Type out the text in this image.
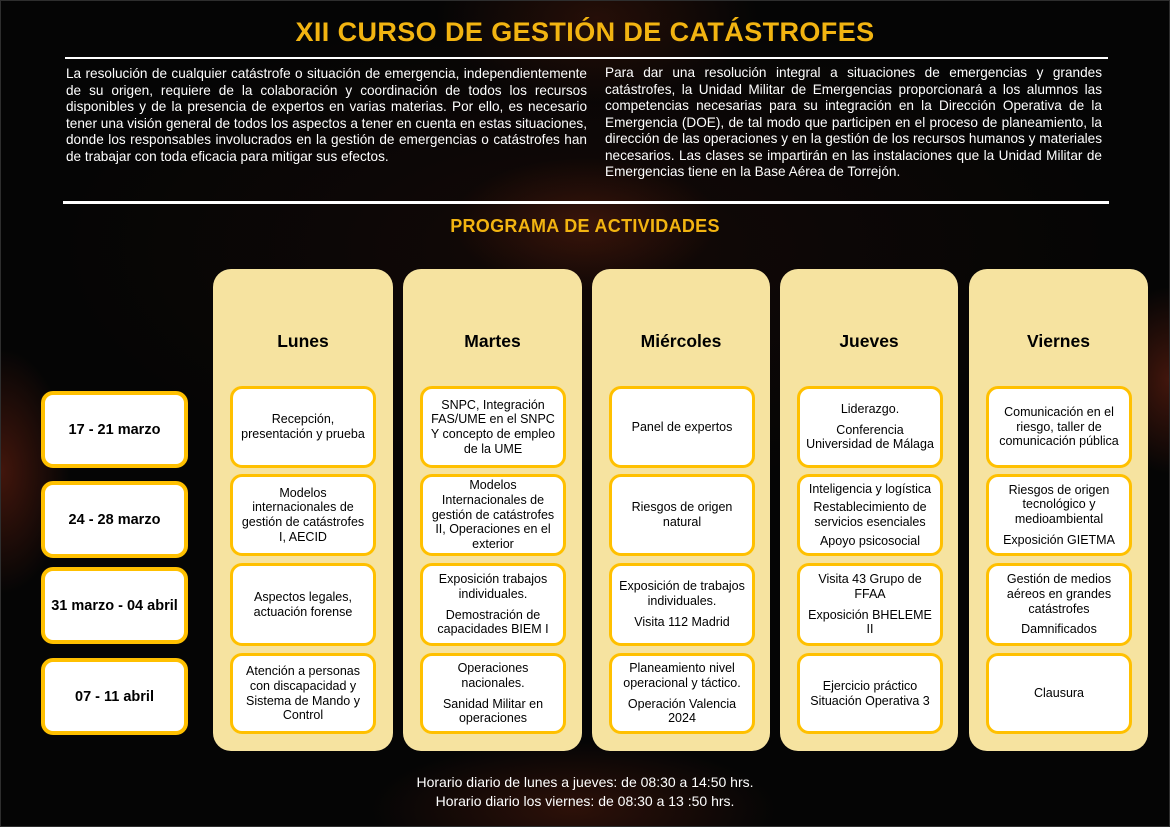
XII CURSO DE GESTIÓN DE CATÁSTROFES
La resolución de cualquier catástrofe o situación de emergencia, independientemente de su origen, requiere de la colaboración y coordinación de todos los recursos disponibles y de la presencia de expertos en varias materias. Por ello, es necesario tener una visión general de todos los aspectos a tener en cuenta en estas situaciones, donde los responsables involucrados en la gestión de emergencias o catástrofes han de trabajar con toda eficacia para mitigar sus efectos.
Para dar una resolución integral a situaciones de emergencias y grandes catástrofes, la Unidad Militar de Emergencias proporcionará a los alumnos las competencias necesarias para su integración en la Dirección Operativa de la Emergencia (DOE), de tal modo que participen en el proceso de planeamiento, la dirección de las operaciones y en la gestión de los recursos humanos y materiales necesarios. Las clases se impartirán en las instalaciones que la Unidad Militar de Emergencias tiene en la Base Aérea de Torrejón.
PROGRAMA DE ACTIVIDADES
17 - 21 marzo
24 - 28 marzo
31 marzo - 04 abril
07 - 11 abril
Lunes
Recepción, presentación y prueba
Modelos internacionales de gestión de catástrofes I, AECID
Aspectos legales, actuación forense
Atención a personas con discapacidad y Sistema de Mando y Control
Martes
SNPC, Integración FAS/UME en el SNPC Y concepto de empleo de la UME
Modelos Internacionales de gestión de catástrofes II, Operaciones en el exterior
Exposición trabajos individuales.
Demostración de capacidades BIEM I
Operaciones nacionales.
Sanidad Militar en operaciones
Miércoles
Panel de expertos
Riesgos de origen natural
Exposición de trabajos individuales.
Visita 112 Madrid
Planeamiento nivel operacional y táctico.
Operación Valencia 2024
Jueves
Liderazgo.
Conferencia Universidad de Málaga
Inteligencia y logística
Restablecimiento de servicios esenciales
Apoyo psicosocial
Visita 43 Grupo de FFAA
Exposición BHELEME II
Ejercicio práctico Situación Operativa 3
Viernes
Comunicación en el riesgo, taller de comunicación pública
Riesgos de origen tecnológico y medioambiental
Exposición GIETMA
Gestión de medios aéreos en grandes catástrofes
Damnificados
Clausura
Horario diario de lunes a jueves: de 08:30 a 14:50 hrs.
Horario diario los viernes: de 08:30 a 13 :50 hrs.
